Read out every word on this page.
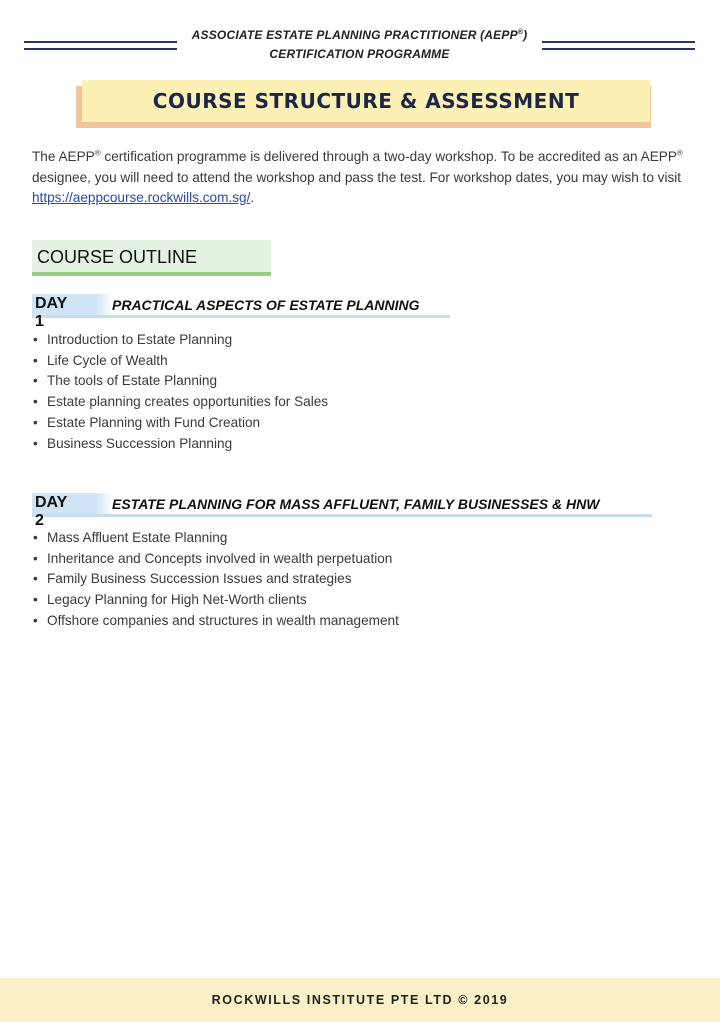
ASSOCIATE ESTATE PLANNING PRACTITIONER (AEPP®)
CERTIFICATION PROGRAMME
COURSE STRUCTURE & ASSESSMENT
The AEPP® certification programme is delivered through a two-day workshop. To be accredited as an AEPP® designee, you will need to attend the workshop and pass the test. For workshop dates, you may wish to visit https://aeppcourse.rockwills.com.sg/.
COURSE OUTLINE
DAY 1
PRACTICAL ASPECTS OF ESTATE PLANNING
• Introduction to Estate Planning
• Life Cycle of Wealth
• The tools of Estate Planning
• Estate planning creates opportunities for Sales
• Estate Planning with Fund Creation
• Business Succession Planning
DAY 2
ESTATE PLANNING FOR MASS AFFLUENT, FAMILY BUSINESSES & HNW
• Mass Affluent Estate Planning
• Inheritance and Concepts involved in wealth perpetuation
• Family Business Succession Issues and strategies
• Legacy Planning for High Net-Worth clients
• Offshore companies and structures in wealth management
ROCKWILLS INSTITUTE PTE LTD © 2019
